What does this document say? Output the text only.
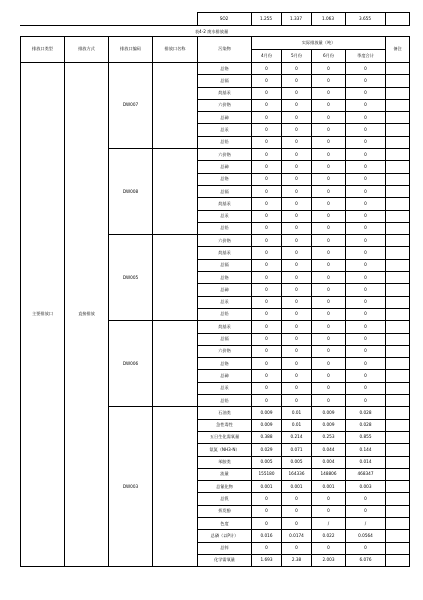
	SO2	1.255	1.337	1.063	3.655	
表4-2 废水排放量
排放口类型	排放方式	排放口编码	排放口名称	污染物	实际排放量（吨）				备注
					4月份	5月份	6月份	季度合计	
主要排放口	直接排放	DW007		总铬	0	0	0	0	
				总镉	0	0	0	0	
				烷基汞	0	0	0	0	
				六价铬	0	0	0	0	
				总砷	0	0	0	0	
				总汞	0	0	0	0	
				总铅	0	0	0	0	
		DW008		六价铬	0	0	0	0	
				总砷	0	0	0	0	
				总铬	0	0	0	0	
				总镉	0	0	0	0	
				烷基汞	0	0	0	0	
				总汞	0	0	0	0	
				总铅	0	0	0	0	
		DW005		六价铬	0	0	0	0	
				烷基汞	0	0	0	0	
				总镉	0	0	0	0	
				总铬	0	0	0	0	
				总砷	0	0	0	0	
				总汞	0	0	0	0	
				总铅	0	0	0	0	
		DW006		烷基汞	0	0	0	0	
				总镉	0	0	0	0	
				六价铬	0	0	0	0	
				总铬	0	0	0	0	
				总砷	0	0	0	0	
				总汞	0	0	0	0	
				总铅	0	0	0	0	
		DW003		石油类	0.009	0.01	0.009	0.028	
				急性毒性	0.009	0.01	0.009	0.028	
				五日生化需氧量	0.388	0.214	0.253	0.855	
				氨氮（NH3-N）	0.029	0.071	0.044	0.144	
				苯胺类	0.005	0.005	0.004	0.014	
				流量	155180	164336	148806	468347	
				总氰化物	0.001	0.001	0.001	0.003	
				总钒	0	0	0	0	
				挥发酚	0	0	0	0	
				色度	0	0	/	/	
				总磷（以P计）	0.016	0.0174	0.022	0.0564	
				总锌	0	0	0	0	
				化学需氧量	1.693	2.38	2.003	6.076	
